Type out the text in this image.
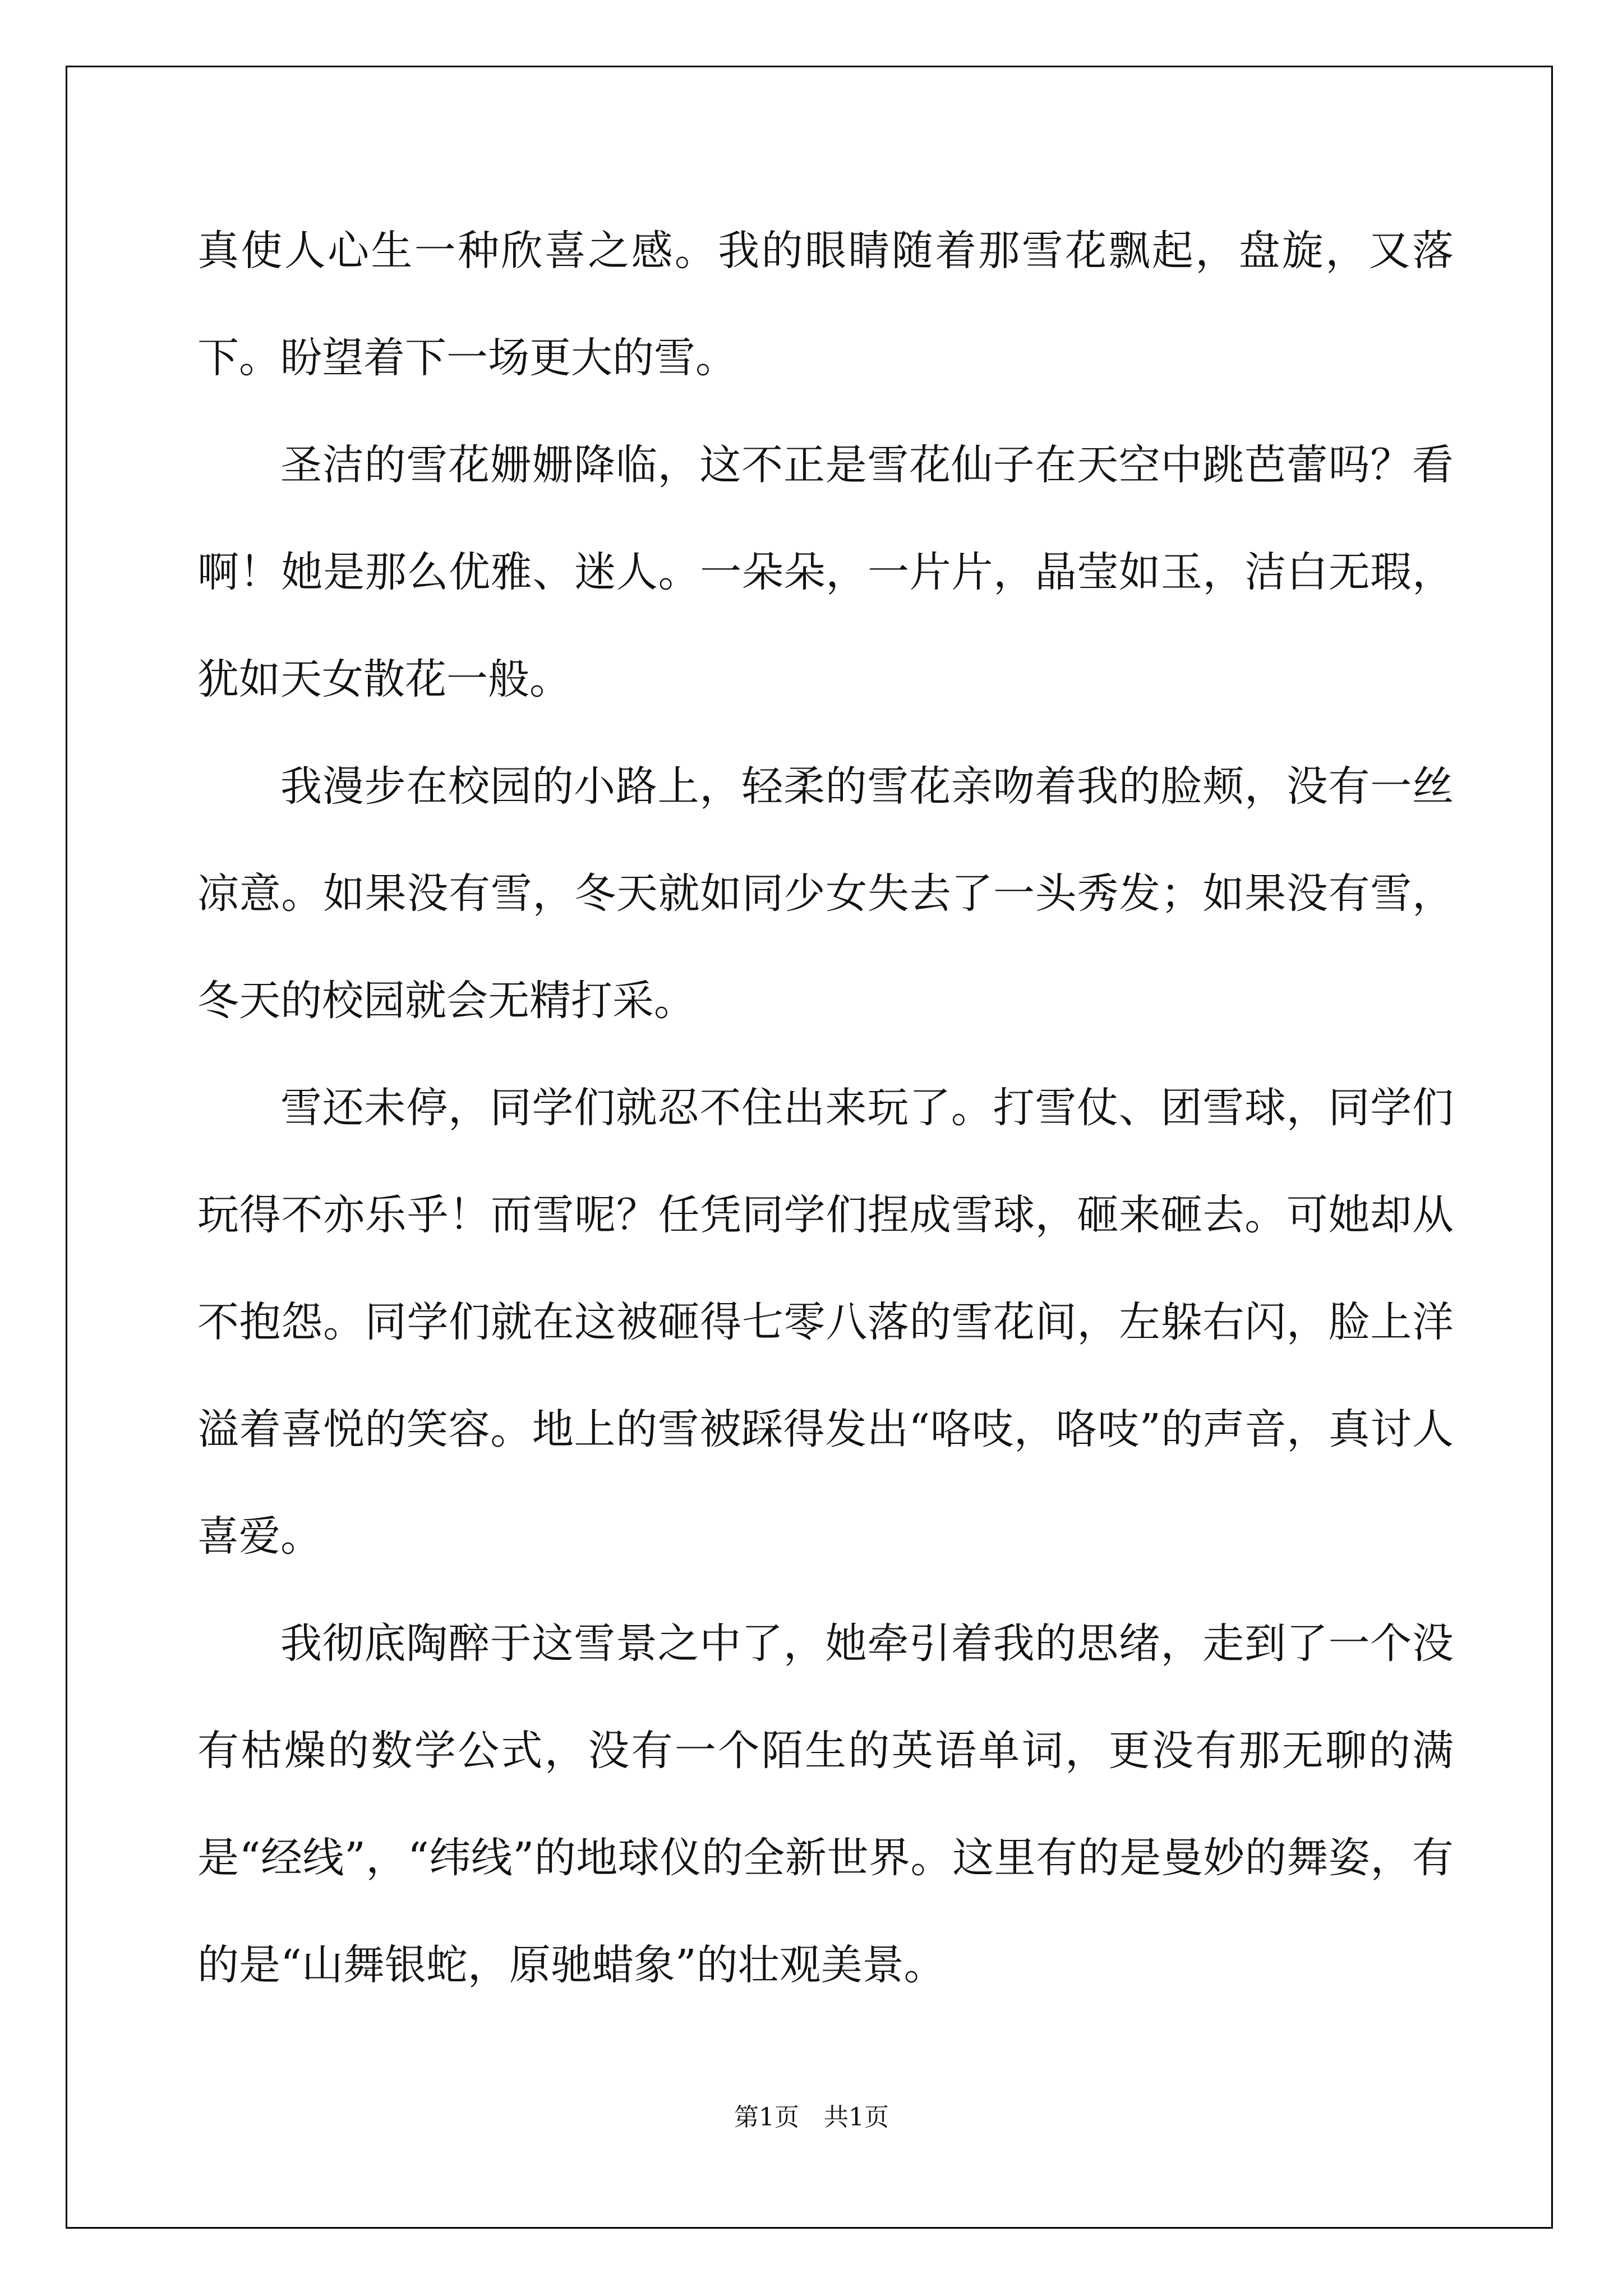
真使人心生一种欣喜之感。我的眼睛随着那雪花飘起，盘旋，又落下。盼望着下一场更大的雪。

圣洁的雪花姗姗降临，这不正是雪花仙子在天空中跳芭蕾吗？看啊！她是那么优雅、迷人。一朵朵，一片片，晶莹如玉，洁白无瑕，犹如天女散花一般。

我漫步在校园的小路上，轻柔的雪花亲吻着我的脸颊，没有一丝凉意。如果没有雪，冬天就如同少女失去了一头秀发；如果没有雪，冬天的校园就会无精打采。

雪还未停，同学们就忍不住出来玩了。打雪仗、团雪球，同学们玩得不亦乐乎！而雪呢？任凭同学们捏成雪球，砸来砸去。可她却从不抱怨。同学们就在这被砸得七零八落的雪花间，左躲右闪，脸上洋溢着喜悦的笑容。地上的雪被踩得发出“咯吱，咯吱”的声音，真讨人喜爱。

我彻底陶醉于这雪景之中了，她牵引着我的思绪，走到了一个没有枯燥的数学公式，没有一个陌生的英语单词，更没有那无聊的满是“经线”，“纬线”的地球仪的全新世界。这里有的是曼妙的舞姿，有的是“山舞银蛇，原驰蜡象”的壮观美景。

第1页 共1页
